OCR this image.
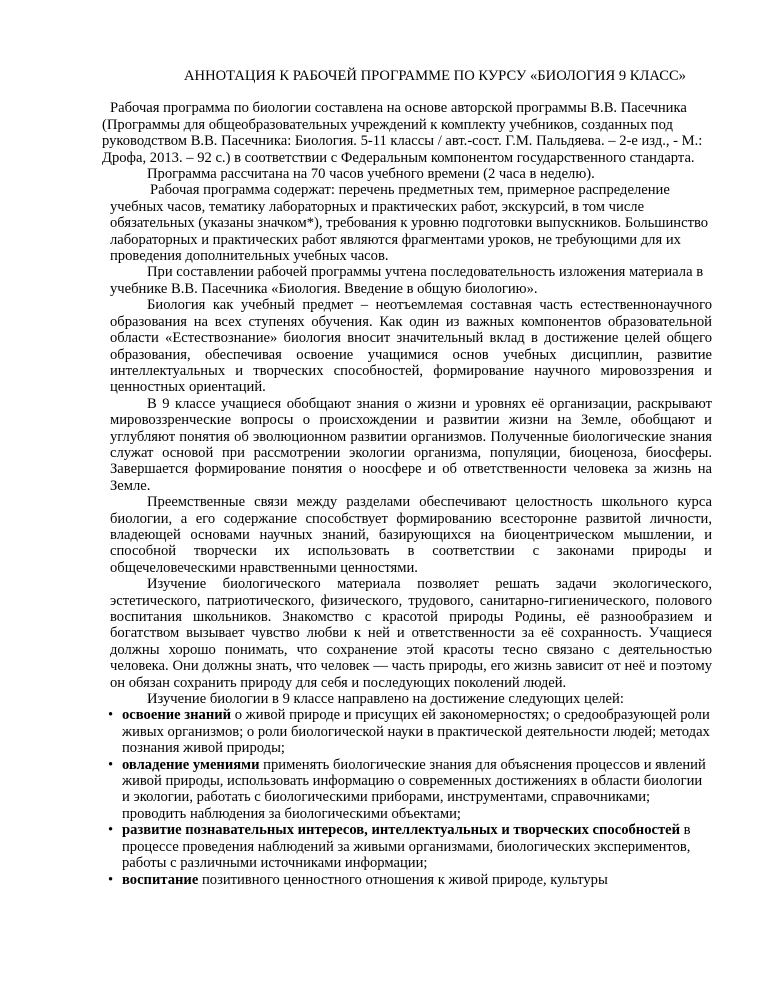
АННОТАЦИЯ К РАБОЧЕЙ ПРОГРАММЕ ПО КУРСУ «БИОЛОГИЯ 9 КЛАСС»

Рабочая программа по биологии составлена на основе авторской программы В.В. Пасечника (Программы для общеобразовательных учреждений к комплекту учебников, созданных под руководством В.В. Пасечника: Биология. 5-11 классы / авт.-сост. Г.М. Пальдяева. – 2-е изд., - М.: Дрофа, 2013. – 92 с.) в соответствии с Федеральным компонентом государственного стандарта.

Программа рассчитана на 70 часов учебного времени (2 часа в неделю).

Рабочая программа содержат: перечень предметных тем, примерное распределение учебных часов, тематику лабораторных и практических работ, экскурсий, в том числе обязательных (указаны значком*), требования к уровню подготовки выпускников. Большинство лабораторных и практических работ являются фрагментами уроков, не требующими для их проведения дополнительных учебных часов.

При составлении рабочей программы учтена последовательность изложения материала в учебнике В.В. Пасечника «Биология. Введение в общую биологию».

Биология как учебный предмет – неотъемлемая составная часть естественнонаучного образования на всех ступенях обучения. Как один из важных компонентов образовательной области «Естествознание» биология вносит значительный вклад в достижение целей общего образования, обеспечивая освоение учащимися основ учебных дисциплин, развитие интеллектуальных и творческих способностей, формирование научного мировоззрения и ценностных ориентаций.

В 9 классе учащиеся обобщают знания о жизни и уровнях её организации, раскрывают мировоззренческие вопросы о происхождении и развитии жизни на Земле, обобщают и углубляют понятия об эволюционном развитии организмов. Полученные биологические знания служат основой при рассмотрении экологии организма, популяции, биоценоза, биосферы. Завершается формирование понятия о ноосфере и об ответственности человека за жизнь на Земле.

Преемственные связи между разделами обеспечивают целостность школьного курса биологии, а его содержание способствует формированию всесторонне развитой личности, владеющей основами научных знаний, базирующихся на биоцентрическом мышлении, и способной творчески их использовать в соответствии с законами природы и общечеловеческими нравственными ценностями.

Изучение биологического материала позволяет решать задачи экологического, эстетического, патриотического, физического, трудового, санитарно-гигиенического, полового воспитания школьников. Знакомство с красотой природы Родины, её разнообразием и богатством вызывает чувство любви к ней и ответственности за её сохранность. Учащиеся должны хорошо понимать, что сохранение этой красоты тесно связано с деятельностью человека. Они должны знать, что человек — часть природы, его жизнь зависит от неё и поэтому он обязан сохранить природу для себя и последующих поколений людей.

Изучение биологии в 9 классе направлено на достижение следующих целей:

• освоение знаний о живой природе и присущих ей закономерностях; о средообразующей роли живых организмов; о роли биологической науки в практической деятельности людей; методах познания живой природы;
• овладение умениями применять биологические знания для объяснения процессов и явлений живой природы, использовать информацию о современных достижениях в области биологии и экологии, работать с биологическими приборами, инструментами, справочниками; проводить наблюдения за биологическими объектами;
• развитие познавательных интересов, интеллектуальных и творческих способностей в процессе проведения наблюдений за живыми организмами, биологических экспериментов, работы с различными источниками информации;
• воспитание позитивного ценностного отношения к живой природе, культуры
